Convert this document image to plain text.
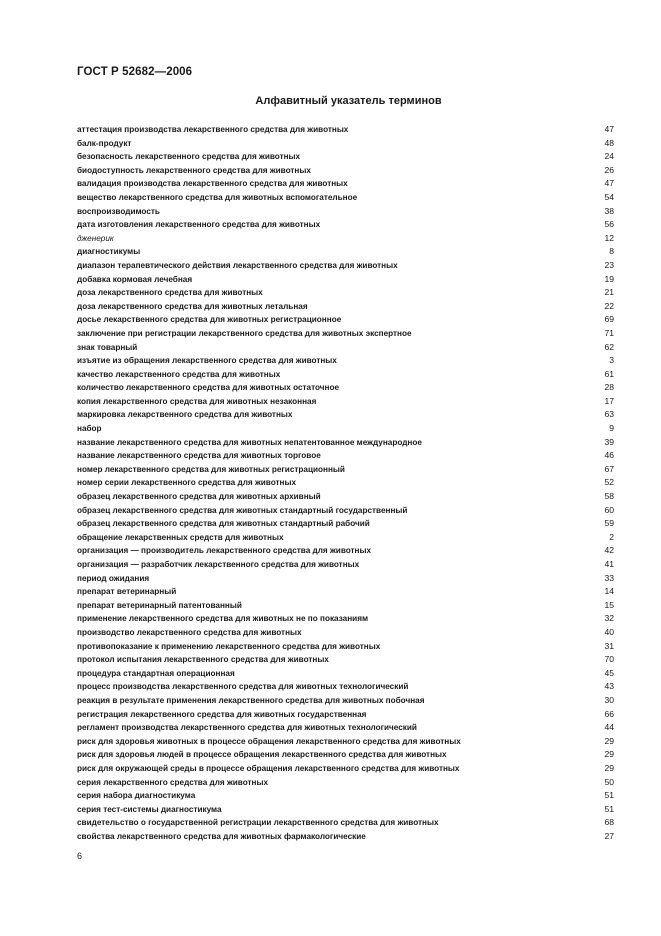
ГОСТ Р 52682—2006
Алфавитный указатель терминов
аттестация производства лекарственного средства для животных	47
балк-продукт	48
безопасность лекарственного средства для животных	24
биодоступность лекарственного средства для животных	26
валидация производства лекарственного средства для животных	47
вещество лекарственного средства для животных вспомогательное	54
воспроизводимость	38
дата изготовления лекарственного средства для животных	56
дженерик	12
диагностикумы	8
диапазон терапевтического действия лекарственного средства для животных	23
добавка кормовая лечебная	19
доза лекарственного средства для животных	21
доза лекарственного средства для животных летальная	22
досье лекарственного средства для животных регистрационное	69
заключение при регистрации лекарственного средства для животных экспертное	71
знак товарный	62
изъятие из обращения лекарственного средства для животных	3
качество лекарственного средства для животных	61
количество лекарственного средства для животных остаточное	28
копия лекарственного средства для животных незаконная	17
маркировка лекарственного средства для животных	63
набор	9
название лекарственного средства для животных непатентованное международное	39
название лекарственного средства для животных торговое	46
номер лекарственного средства для животных регистрационный	67
номер серии лекарственного средства для животных	52
образец лекарственного средства для животных архивный	58
образец лекарственного средства для животных стандартный государственный	60
образец лекарственного средства для животных стандартный рабочий	59
обращение лекарственных средств для животных	2
организация — производитель лекарственного средства для животных	42
организация — разработчик лекарственного средства для животных	41
период ожидания	33
препарат ветеринарный	14
препарат ветеринарный патентованный	15
применение лекарственного средства для животных не по показаниям	32
производство лекарственного средства для животных	40
противопоказание к применению лекарственного средства для животных	31
протокол испытания лекарственного средства для животных	70
процедура стандартная операционная	45
процесс производства лекарственного средства для животных технологический	43
реакция в результате применения лекарственного средства для животных побочная	30
регистрация лекарственного средства для животных государственная	66
регламент производства лекарственного средства для животных технологический	44
риск для здоровья животных в процессе обращения лекарственного средства для животных	29
риск для здоровья людей в процессе обращения лекарственного средства для животных	29
риск для окружающей среды в процессе обращения лекарственного средства для животных	29
серия лекарственного средства для животных	50
серия набора диагностикума	51
серия тест-системы диагностикума	51
свидетельство о государственной регистрации лекарственного средства для животных	68
свойства лекарственного средства для животных фармакологические	27
6
